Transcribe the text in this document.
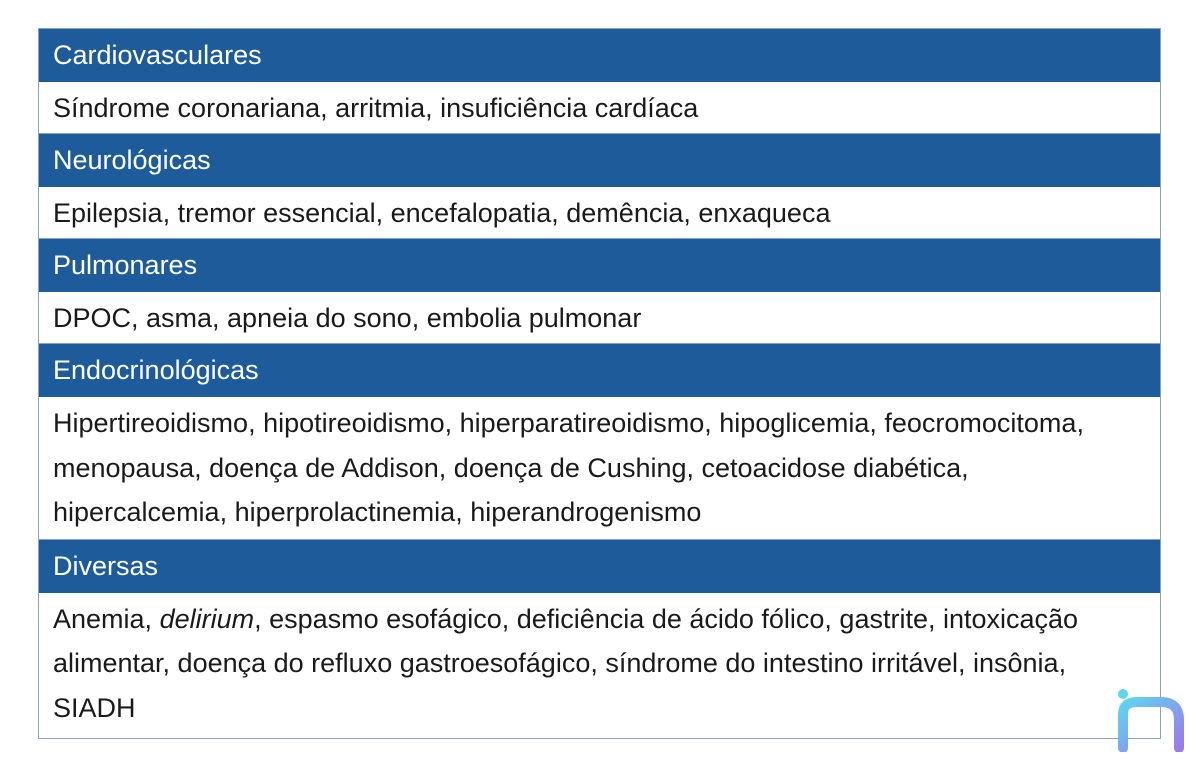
Cardiovasculares
Síndrome coronariana, arritmia, insuficiência cardíaca
Neurológicas
Epilepsia, tremor essencial, encefalopatia, demência, enxaqueca
Pulmonares
DPOC, asma, apneia do sono, embolia pulmonar
Endocrinológicas
Hipertireoidismo, hipotireoidismo, hiperparatireoidismo, hipoglicemia, feocromocitoma, menopausa, doença de Addison, doença de Cushing, cetoacidose diabética, hipercalcemia, hiperprolactinemia, hiperandrogenismo
Diversas
Anemia, delirium, espasmo esofágico, deficiência de ácido fólico, gastrite, intoxicação alimentar, doença do refluxo gastroesofágico, síndrome do intestino irritável, insônia, SIADH
